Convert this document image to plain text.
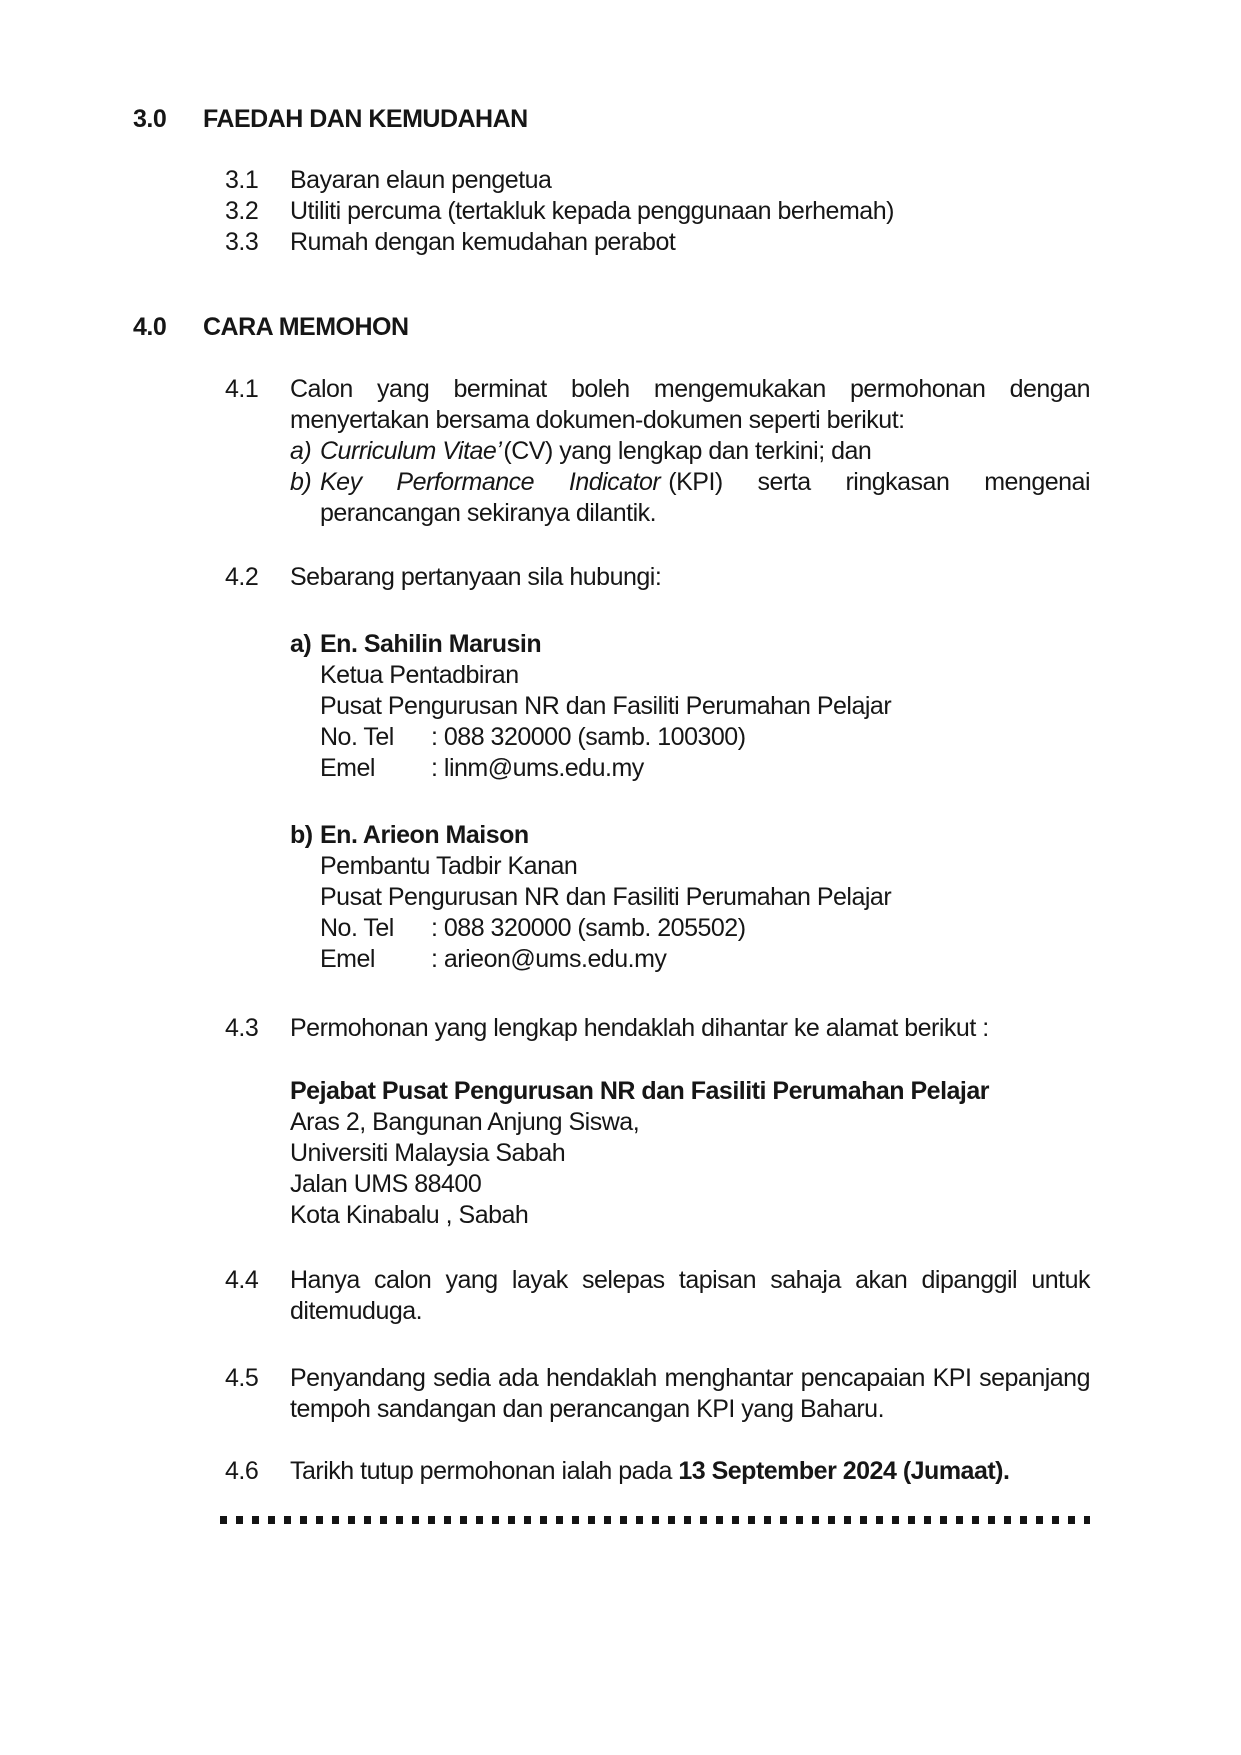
3.0	FAEDAH DAN KEMUDAHAN
3.1	Bayaran elaun pengetua
3.2	Utiliti percuma (tertakluk kepada penggunaan berhemah)
3.3	Rumah dengan kemudahan perabot
4.0	CARA MEMOHON
4.1	Calon yang berminat boleh mengemukakan permohonan dengan menyertakan bersama dokumen-dokumen seperti berikut:

a) Curriculum Vitae’(CV) yang lengkap dan terkini; dan

b) Key Performance Indicator (KPI) serta ringkasan mengenai perancangan sekiranya dilantik.

4.2	Sebarang pertanyaan sila hubungi:

a) En. Sahilin Marusin
Ketua Pentadbiran
Pusat Pengurusan NR dan Fasiliti Perumahan Pelajar
No. Tel	: 088 320000 (samb. 100300)
Emel	: linm@ums.edu.my
b) En. Arieon Maison
Pembantu Tadbir Kanan
Pusat Pengurusan NR dan Fasiliti Perumahan Pelajar
No. Tel	: 088 320000 (samb. 205502)
Emel	: arieon@ums.edu.my
4.3	Permohonan yang lengkap hendaklah dihantar ke alamat berikut :

Pejabat Pusat Pengurusan NR dan Fasiliti Perumahan Pelajar
Aras 2, Bangunan Anjung Siswa,
Universiti Malaysia Sabah
Jalan UMS 88400
Kota Kinabalu , Sabah
4.4	Hanya calon yang layak selepas tapisan sahaja akan dipanggil untuk ditemuduga.

4.5	Penyandang sedia ada hendaklah menghantar pencapaian KPI sepanjang tempoh sandangan dan perancangan KPI yang Baharu.

4.6	Tarikh tutup permohonan ialah pada 13 September 2024 (Jumaat).
